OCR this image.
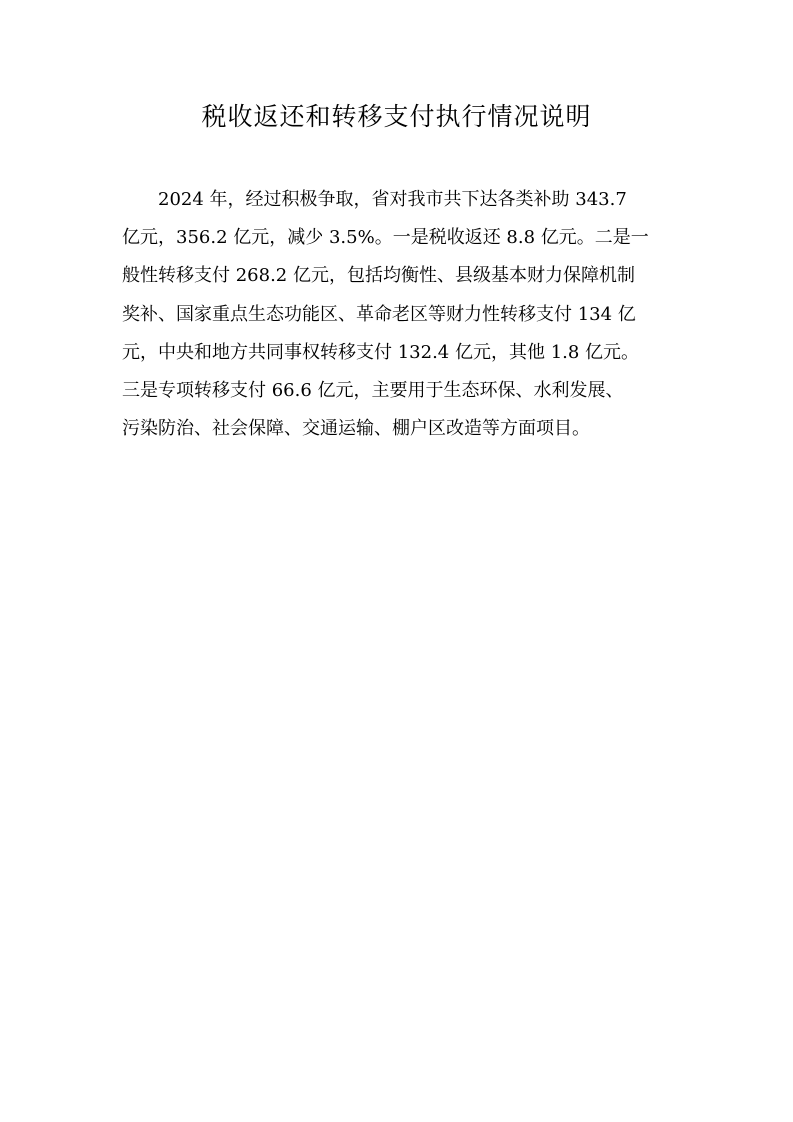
税收返还和转移支付执行情况说明
　　2024 年，经过积极争取，省对我市共下达各类补助 343.7
亿元，356.2 亿元，减少 3.5%。一是税收返还 8.8 亿元。二是一
般性转移支付 268.2 亿元，包括均衡性、县级基本财力保障机制
奖补、国家重点生态功能区、革命老区等财力性转移支付 134 亿
元，中央和地方共同事权转移支付 132.4 亿元，其他 1.8 亿元。
三是专项转移支付 66.6 亿元，主要用于生态环保、水利发展、
污染防治、社会保障、交通运输、棚户区改造等方面项目。
